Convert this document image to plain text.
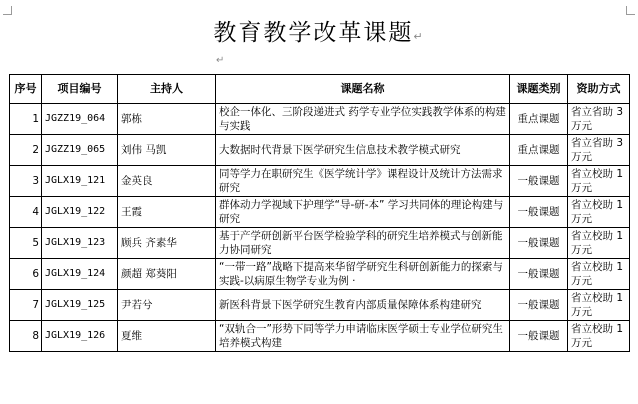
教育教学改革课题↵
↵
序号	项目编号	主持人	课题名称	课题类别	资助方式
1	JGZZ19_064	郭栋	校企一体化、三阶段递进式 药学专业学位实践教学体系的构建与实践	重点课题	省立省助 3万元
2	JGZZ19_065	刘伟 马凯	大数据时代背景下医学研究生信息技术教学模式研究	重点课题	省立省助 3万元
3	JGLX19_121	金英良	同等学力在职研究生《医学统计学》课程设计及统计方法需求研究	一般课题	省立校助 1万元
4	JGLX19_122	王霞	群体动力学视域下护理学“导-研-本” 学习共同体的理论构建与研究	一般课题	省立校助 1万元
5	JGLX19_123	顾兵 齐素华	基于产学研创新平台医学检验学科的研究生培养模式与创新能力协同研究	一般课题	省立校助 1万元
6	JGLX19_124	颜超 郑葵阳	“一带一路”战略下提高来华留学研究生科研创新能力的探索与实践-以病原生物学专业为例 ·	一般课题	省立校助 1万元
7	JGLX19_125	尹若兮	新医科背景下医学研究生教育内部质量保障体系构建研究	一般课题	省立校助 1万元
8	JGLX19_126	夏维	“双轨合一”形势下同等学力申请临床医学硕士专业学位研究生培养模式构建	一般课题	省立校助 1万元
